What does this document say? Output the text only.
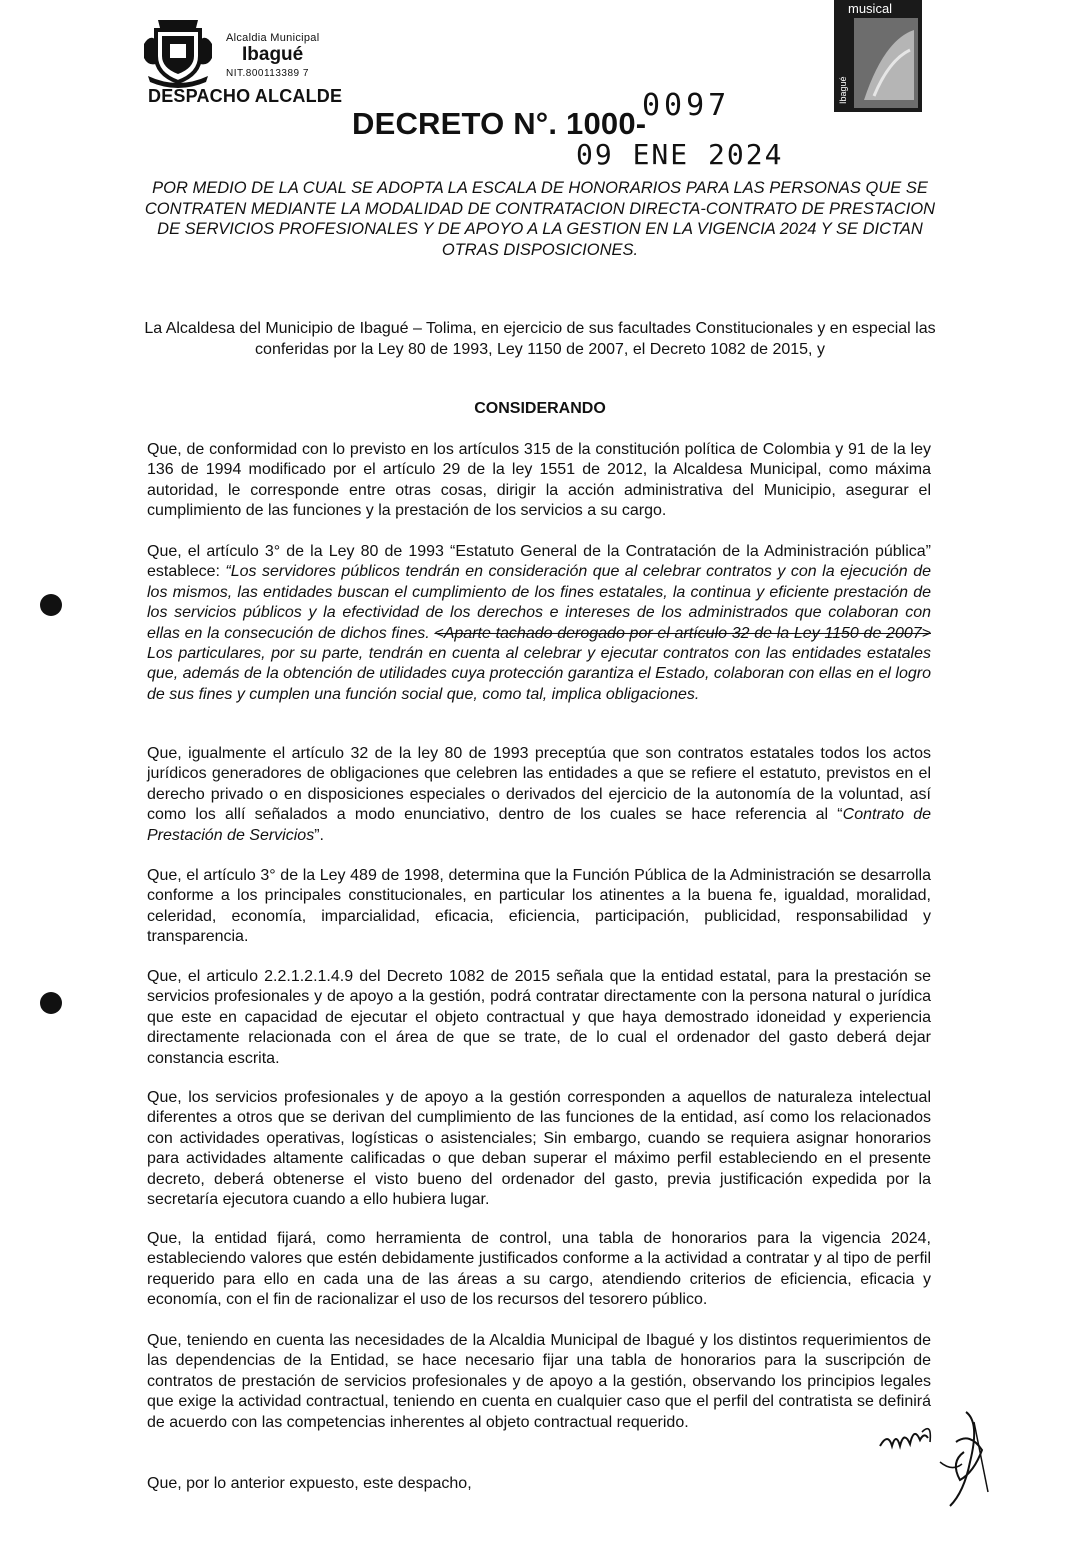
Alcaldia Municipal
Ibagué
NIT.800113389 7
DESPACHO ALCALDE
musical
Ibagué
DECRETO N°. 1000-
0097
09 ENE 2024
POR MEDIO DE LA CUAL SE ADOPTA LA ESCALA DE HONORARIOS PARA LAS PERSONAS QUE SE CONTRATEN MEDIANTE LA MODALIDAD DE CONTRATACION DIRECTA-CONTRATO DE PRESTACION DE SERVICIOS PROFESIONALES Y DE APOYO A LA GESTION EN LA VIGENCIA 2024 Y SE DICTAN OTRAS DISPOSICIONES.
La Alcaldesa del Municipio de Ibagué – Tolima, en ejercicio de sus facultades Constitucionales y en especial las conferidas por la Ley 80 de 1993, Ley 1150 de 2007, el Decreto 1082 de 2015, y
CONSIDERANDO
Que, de conformidad con lo previsto en los artículos 315 de la constitución política de Colombia y 91 de la ley 136 de 1994 modificado por el artículo 29 de la ley 1551 de 2012, la Alcaldesa Municipal, como máxima autoridad, le corresponde entre otras cosas, dirigir la acción administrativa del Municipio, asegurar el cumplimiento de las funciones y la prestación de los servicios a su cargo.
Que, el artículo 3° de la Ley 80 de 1993 “Estatuto General de la Contratación de la Administración pública” establece: “Los servidores públicos tendrán en consideración que al celebrar contratos y con la ejecución de los mismos, las entidades buscan el cumplimiento de los fines estatales, la continua y eficiente prestación de los servicios públicos y la efectividad de los derechos e intereses de los administrados que colaboran con ellas en la consecución de dichos fines. <Aparte tachado derogado por el artículo 32 de la Ley 1150 de 2007> Los particulares, por su parte, tendrán en cuenta al celebrar y ejecutar contratos con las entidades estatales que, además de la obtención de utilidades cuya protección garantiza el Estado, colaboran con ellas en el logro de sus fines y cumplen una función social que, como tal, implica obligaciones.
Que, igualmente el artículo 32 de la ley 80 de 1993 preceptúa que son contratos estatales todos los actos jurídicos generadores de obligaciones que celebren las entidades a que se refiere el estatuto, previstos en el derecho privado o en disposiciones especiales o derivados del ejercicio de la autonomía de la voluntad, así como los allí señalados a modo enunciativo, dentro de los cuales se hace referencia al “Contrato de Prestación de Servicios”.
Que, el artículo 3° de la Ley 489 de 1998, determina que la Función Pública de la Administración se desarrolla conforme a los principales constitucionales, en particular los atinentes a la buena fe, igualdad, moralidad, celeridad, economía, imparcialidad, eficacia, eficiencia, participación, publicidad, responsabilidad y transparencia.
Que, el articulo 2.2.1.2.1.4.9 del Decreto 1082 de 2015 señala que la entidad estatal, para la prestación se servicios profesionales y de apoyo a la gestión, podrá contratar directamente con la persona natural o jurídica que este en capacidad de ejecutar el objeto contractual y que haya demostrado idoneidad y experiencia directamente relacionada con el área de que se trate, de lo cual el ordenador del gasto deberá dejar constancia escrita.
Que, los servicios profesionales y de apoyo a la gestión corresponden a aquellos de naturaleza intelectual diferentes a otros que se derivan del cumplimiento de las funciones de la entidad, así como los relacionados con actividades operativas, logísticas o asistenciales; Sin embargo, cuando se requiera asignar honorarios para actividades altamente calificadas o que deban superar el máximo perfil estableciendo en el presente decreto, deberá obtenerse el visto bueno del ordenador del gasto, previa justificación expedida por la secretaría ejecutora cuando a ello hubiera lugar.
Que, la entidad fijará, como herramienta de control, una tabla de honorarios para la vigencia 2024, estableciendo valores que estén debidamente justificados conforme a la actividad a contratar y al tipo de perfil requerido para ello en cada una de las áreas a su cargo, atendiendo criterios de eficiencia, eficacia y economía, con el fin de racionalizar el uso de los recursos del tesorero público.
Que, teniendo en cuenta las necesidades de la Alcaldia Municipal de Ibagué y los distintos requerimientos de las dependencias de la Entidad, se hace necesario fijar una tabla de honorarios para la suscripción de contratos de prestación de servicios profesionales y de apoyo a la gestión, observando los principios legales que exige la actividad contractual, teniendo en cuenta en cualquier caso que el perfil del contratista se definirá de acuerdo con las competencias inherentes al objeto contractual requerido.
Que, por lo anterior expuesto, este despacho,
